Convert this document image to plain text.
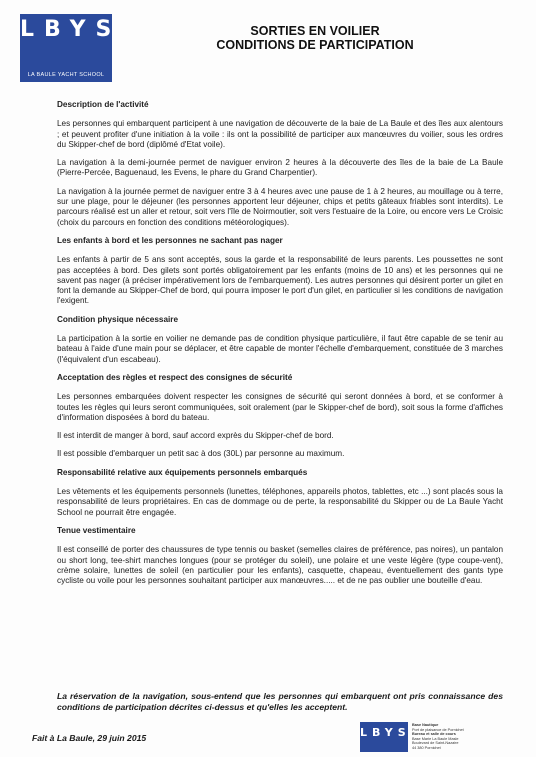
LBYS
LA BAULE YACHT SCHOOL
SORTIES EN VOILIER
CONDITIONS DE PARTICIPATION
Description de l'activité
Les personnes qui embarquent participent à une navigation de découverte de la baie de La Baule et des îles aux alentours ; et peuvent profiter d'une initiation à la voile : ils ont la possibilité de participer aux manœuvres du voilier, sous les ordres du Skipper-chef de bord (diplômé d'Etat voile).
La navigation à la demi-journée permet de naviguer environ 2 heures à la découverte des îles de la baie de La Baule (Pierre-Percée, Baguenaud, les Evens, le phare du Grand Charpentier).
La navigation à la journée permet de naviguer entre 3 à 4 heures avec une pause de 1 à 2 heures, au mouillage ou à terre, sur une plage, pour le déjeuner (les personnes apportent leur déjeuner, chips et petits gâteaux friables sont interdits). Le parcours réalisé est un aller et retour, soit vers l'île de Noirmoutier, soit vers l'estuaire de la Loire, ou encore vers Le Croisic (choix du parcours en fonction des conditions météorologiques).
Les enfants à bord et les personnes ne sachant pas nager
Les enfants à partir de 5 ans sont acceptés, sous la garde et la responsabilité de leurs parents. Les poussettes ne sont pas acceptées à bord. Des gilets sont portés obligatoirement par les enfants (moins de 10 ans) et les personnes qui ne savent pas nager (à préciser impérativement lors de l'embarquement). Les autres personnes qui désirent porter un gilet en font la demande au Skipper-Chef de bord, qui pourra imposer le port d'un gilet, en particulier si les conditions de navigation l'exigent.
Condition physique nécessaire
La participation à la sortie en voilier ne demande pas de condition physique particulière, il faut être capable de se tenir au bateau à l'aide d'une main pour se déplacer, et être capable de monter l'échelle d'embarquement, constituée de 3 marches (l'équivalent d'un escabeau).
Acceptation des règles et respect des consignes de sécurité
Les personnes embarquées doivent respecter les consignes de sécurité qui seront données à bord, et se conformer à toutes les règles qui leurs seront communiquées, soit oralement (par le Skipper-chef de bord), soit sous la forme d'affiches d'information disposées à bord du bateau.
Il est interdit de manger à bord, sauf accord exprès du Skipper-chef de bord.
Il est possible d'embarquer un petit sac à dos (30L) par personne au maximum.
Responsabilité relative aux équipements personnels embarqués
Les vêtements et les équipements personnels (lunettes, téléphones, appareils photos, tablettes, etc ...) sont placés sous la responsabilité de leurs propriétaires. En cas de dommage ou de perte, la responsabilité du Skipper ou de La Baule Yacht School ne pourrait être engagée.
Tenue vestimentaire
Il est conseillé de porter des chaussures de type tennis ou basket (semelles claires de préférence, pas noires), un pantalon ou short long, tee-shirt manches longues (pour se protéger du soleil), une polaire et une veste légère (type coupe-vent), crème solaire, lunettes de soleil (en particulier pour les enfants), casquette, chapeau, éventuellement des gants type cycliste ou voile pour les personnes souhaitant participer aux manœuvres..... et de ne pas oublier une bouteille d'eau.
La réservation de la navigation, sous-entend que les personnes qui embarquent ont pris connaissance des conditions de participation décrites ci-dessus et qu'elles les acceptent.
Fait à La Baule, 29 juin 2015	LBYS
Base Nautique
Port de plaisance de Pornichet
Bureau et salle de cours
Base Marie La Baule Masle
Boulevard de Saint-Nazaire
44 380 Pornichet
